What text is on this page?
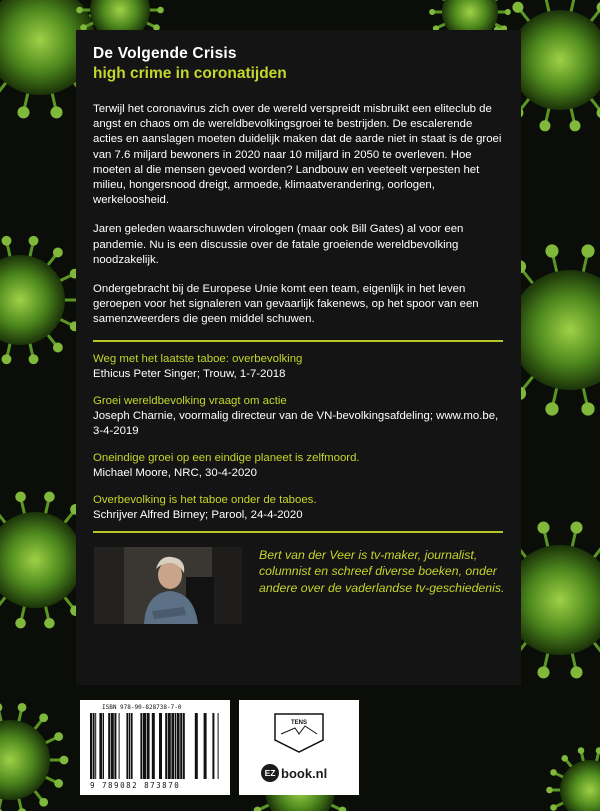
De Volgende Crisis
high crime in coronatijden

Terwijl het coronavirus zich over de wereld verspreidt misbruikt een eliteclub de angst en chaos om de wereldbevolkingsgroei te bestrijden. De escalerende acties en aanslagen moeten duidelijk maken dat de aarde niet in staat is de groei van 7.6 miljard bewoners in 2020 naar 10 miljard in 2050 te overleven. Hoe moeten al die mensen gevoed worden? Landbouw en veeteelt verpesten het milieu, hongersnood dreigt, armoede, klimaatverandering, oorlogen, werkeloosheid.

Jaren geleden waarschuwden virologen (maar ook Bill Gates) al voor een pandemie. Nu is een discussie over de fatale groeiende wereldbevolking noodzakelijk.

Ondergebracht bij de Europese Unie komt een team, eigenlijk in het leven geroepen voor het signaleren van gevaarlijk fakenews, op het spoor van een samenzweerders die geen middel schuwen.

Weg met het laatste taboe: overbevolking
Ethicus Peter Singer; Trouw, 1-7-2018
Groei wereldbevolking vraagt om actie
Joseph Charnie, voormalig directeur van de VN-bevolkingsafdeling; www.mo.be, 3-4-2019
Oneindige groei op een eindige planeet is zelfmoord.
Michael Moore, NRC, 30-4-2020
Overbevolking is het taboe onder de taboes.
Schrijver Alfred Birney; Parool, 24-4-2020
Bert van der Veer is tv-maker, journalist, columnist en schreef diverse boeken, onder andere over de vaderlandse tv-geschiedenis.
ISBN 978-90-828738-7-0
9 789082 873870
TENS
EZ book.nl
